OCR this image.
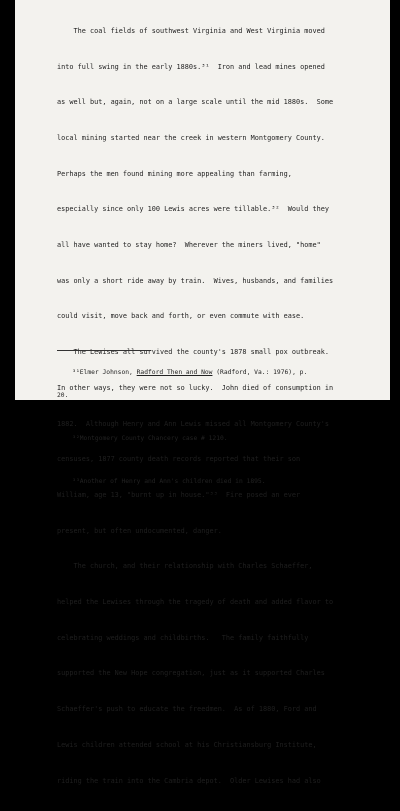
The coal fields of southwest Virginia and West Virginia moved

into full swing in the early 1880s.³¹  Iron and lead mines opened

as well but, again, not on a large scale until the mid 1880s.  Some

local mining started near the creek in western Montgomery County.

Perhaps the men found mining more appealing than farming,

especially since only 100 Lewis acres were tillable.³²  Would they

all have wanted to stay home?  Wherever the miners lived, "home"

was only a short ride away by train.  Wives, husbands, and families

could visit, move back and forth, or even commute with ease.

The Lewises all survived the county's 1878 small pox outbreak.

In other ways, they were not so lucky.  John died of consumption in

1882.  Although Henry and Ann Lewis missed all Montgomery County's

censuses, 1877 county death records reported that their son

William, age 13, "burnt up in house."³³  Fire posed an ever

present, but often undocumented, danger.

The church, and their relationship with Charles Schaeffer,

helped the Lewises through the tragedy of death and added flavor to

celebrating weddings and childbirths.   The family faithfully

supported the New Hope congregation, just as it supported Charles

Schaeffer's push to educate the freedmen.  As of 1880, Ford and

Lewis children attended school at his Christiansburg Institute,

riding the train into the Cambria depot.  Older Lewises had also

³¹Elmer Johnson, Radford Then and Now (Radford, Va.: 1976), p.

20.

³²Montgomery County Chancery case # 1210.

³³Another of Henry and Ann's children died in 1895.
